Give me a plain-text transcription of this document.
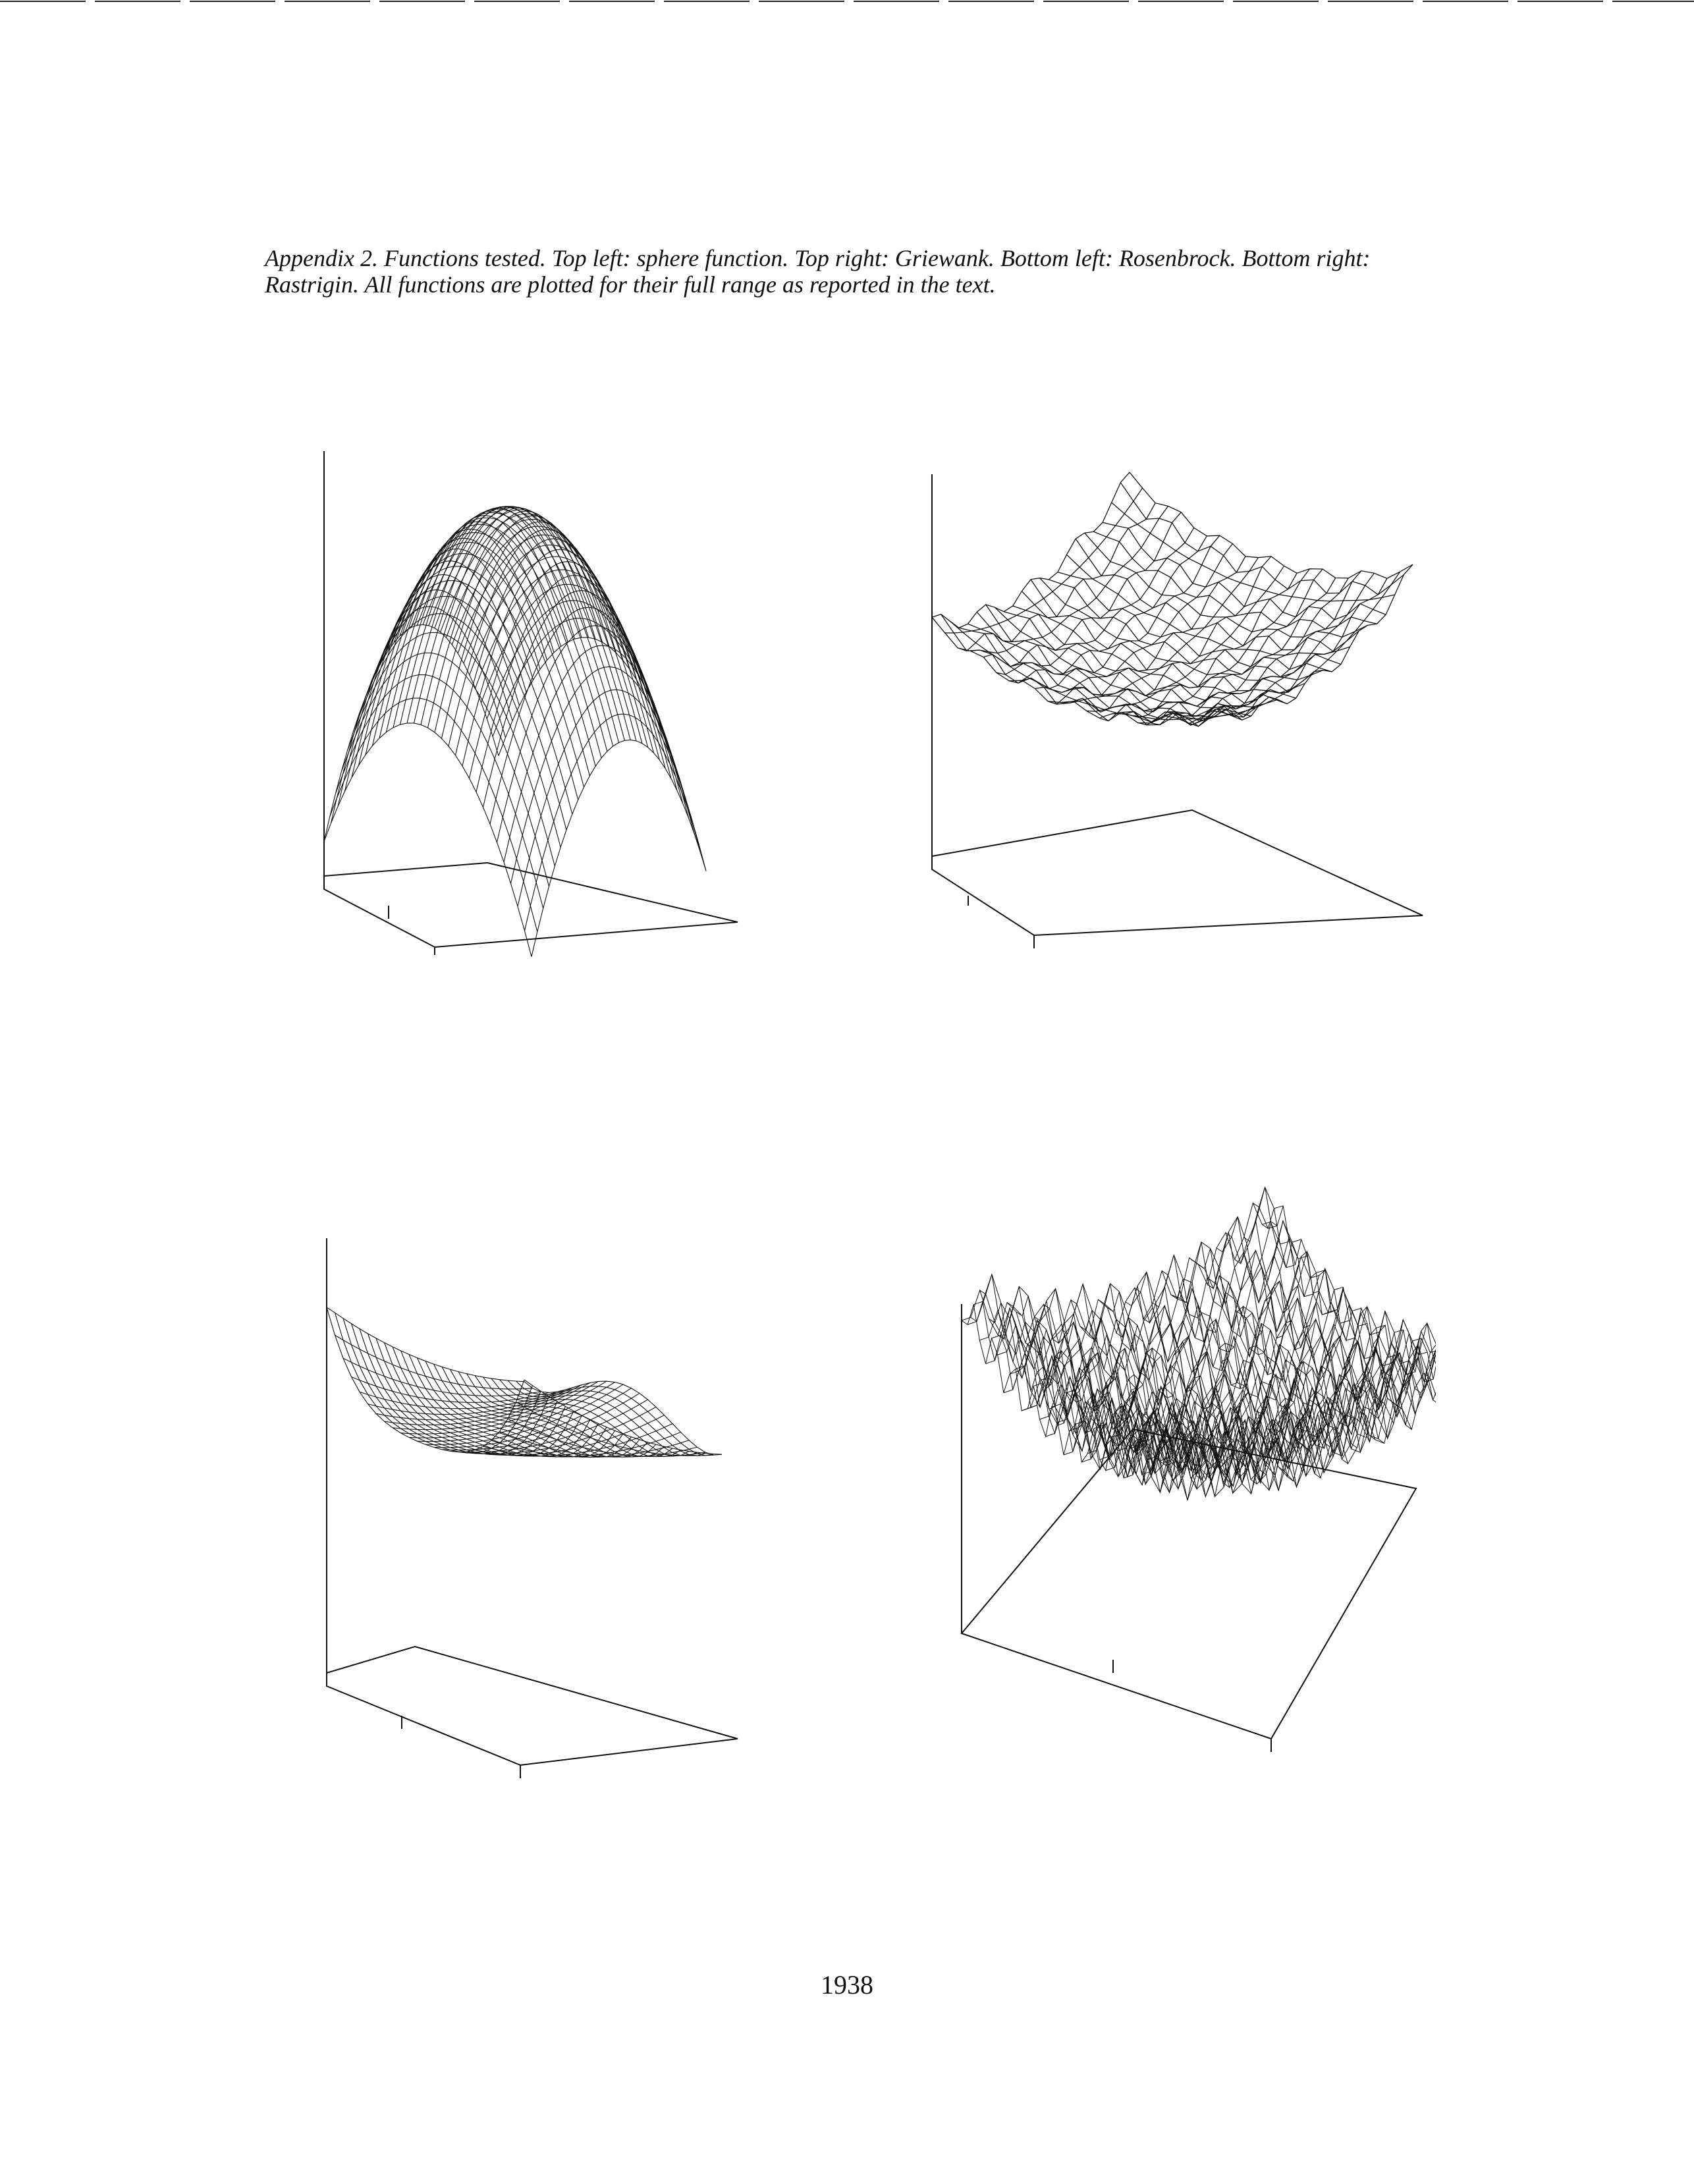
Appendix 2. Functions tested. Top left: sphere function. Top right: Griewank. Bottom left: Rosenbrock. Bottom right: Rastrigin. All functions are plotted for their full range as reported in the text.
1938
